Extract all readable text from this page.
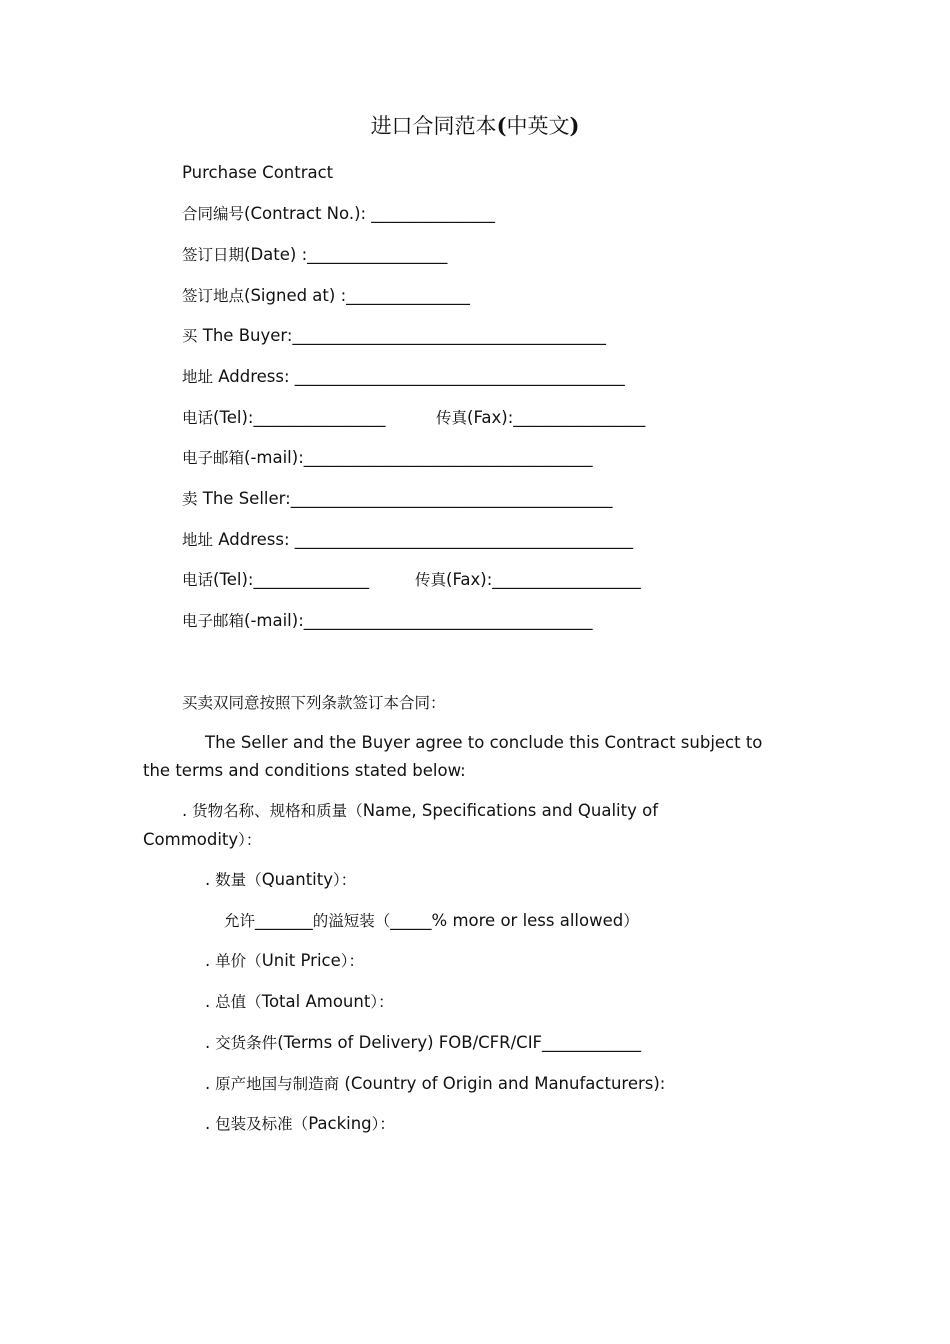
进口合同范本(中英文)
Purchase Contract
合同编号(Contract No.): _______________
签订日期(Date) :_________________
签订地点(Signed at) :_______________
买 The Buyer:______________________________________
地址 Address: ________________________________________
电话(Tel):________________	传真(Fax):________________
电子邮箱(-mail):___________________________________
卖 The Seller:_______________________________________
地址 Address: _________________________________________
电话(Tel):______________	传真(Fax):__________________
电子邮箱(-mail):___________________________________
买卖双同意按照下列条款签订本合同：
The Seller and the Buyer agree to conclude this Contract subject to
the terms and conditions stated below:
. 货物名称、规格和质量（Name, Specifications and Quality of
Commodity）：
. 数量（Quantity）：
允许_______的溢短装（_____% more or less allowed）
. 单价（Unit Price）：
. 总值（Total Amount）：
. 交货条件(Terms of Delivery) FOB/CFR/CIF____________
. 原产地国与制造商 (Country of Origin and Manufacturers):
. 包装及标准（Packing）：
